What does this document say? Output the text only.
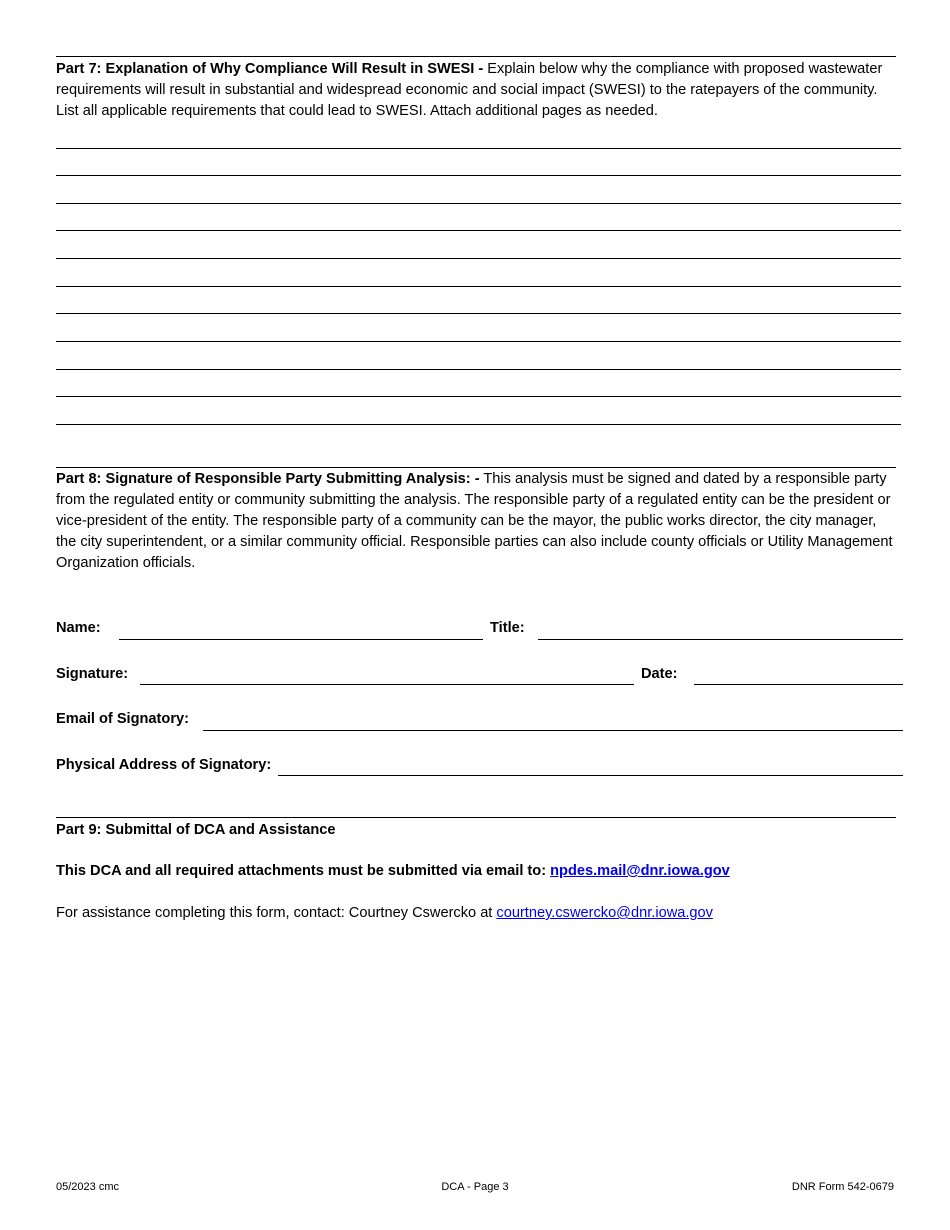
Part 7: Explanation of Why Compliance Will Result in SWESI - Explain below why the compliance with proposed wastewater requirements will result in substantial and widespread economic and social impact (SWESI) to the ratepayers of the community. List all applicable requirements that could lead to SWESI. Attach additional pages as needed.

Part 8: Signature of Responsible Party Submitting Analysis: - This analysis must be signed and dated by a responsible party from the regulated entity or community submitting the analysis. The responsible party of a regulated entity can be the president or vice-president of the entity. The responsible party of a community can be the mayor, the public works director, the city manager, the city superintendent, or a similar community official. Responsible parties can also include county officials or Utility Management Organization officials.

Name:	Title:
Signature:	Date:
Email of Signatory:
Physical Address of Signatory:
Part 9: Submittal of DCA and Assistance
This DCA and all required attachments must be submitted via email to: npdes.mail@dnr.iowa.gov
For assistance completing this form, contact: Courtney Cswercko at courtney.cswercko@dnr.iowa.gov
05/2023 cmc	DCA - Page 3	DNR Form 542-0679
